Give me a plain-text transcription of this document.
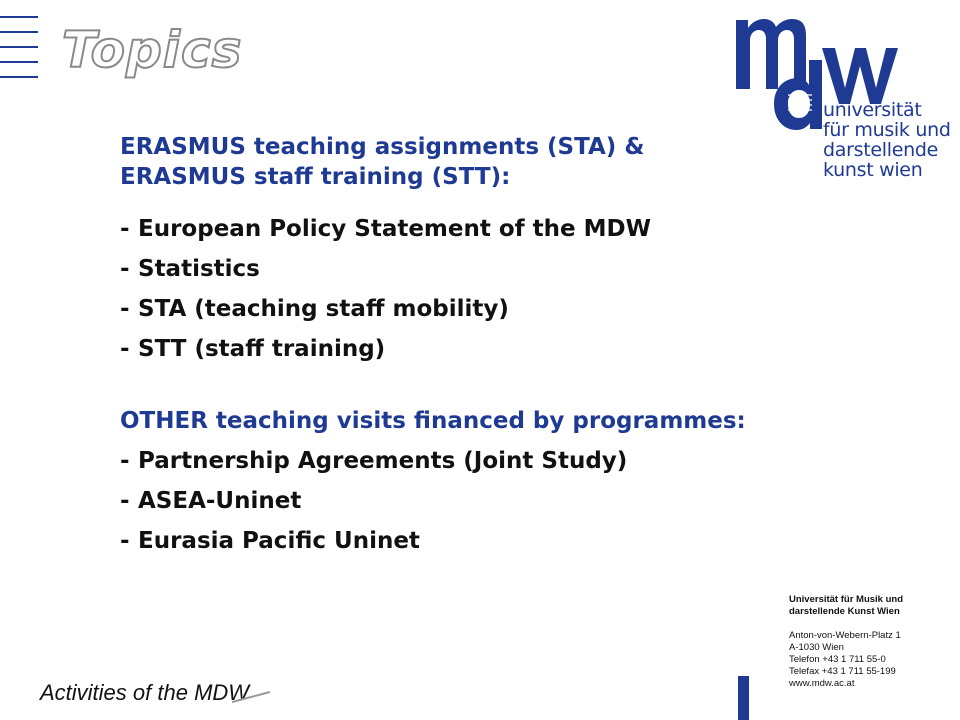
Topics
universität
für musik und
darstellende
kunst wien
ERASMUS teaching assignments (STA) &
ERASMUS staff training (STT):
- European Policy Statement of the MDW
- Statistics
- STA (teaching staff mobility)
- STT (staff training)
OTHER teaching visits financed by programmes:
- Partnership Agreements (Joint Study)
- ASEA-Uninet
- Eurasia Pacific Uninet
Universität für Musik und
darstellende Kunst Wien
Anton-von-Webern-Platz 1
A-1030 Wien
Telefon +43 1 711 55-0
Telefax +43 1 711 55-199
www.mdw.ac.at
Activities of the MDW
